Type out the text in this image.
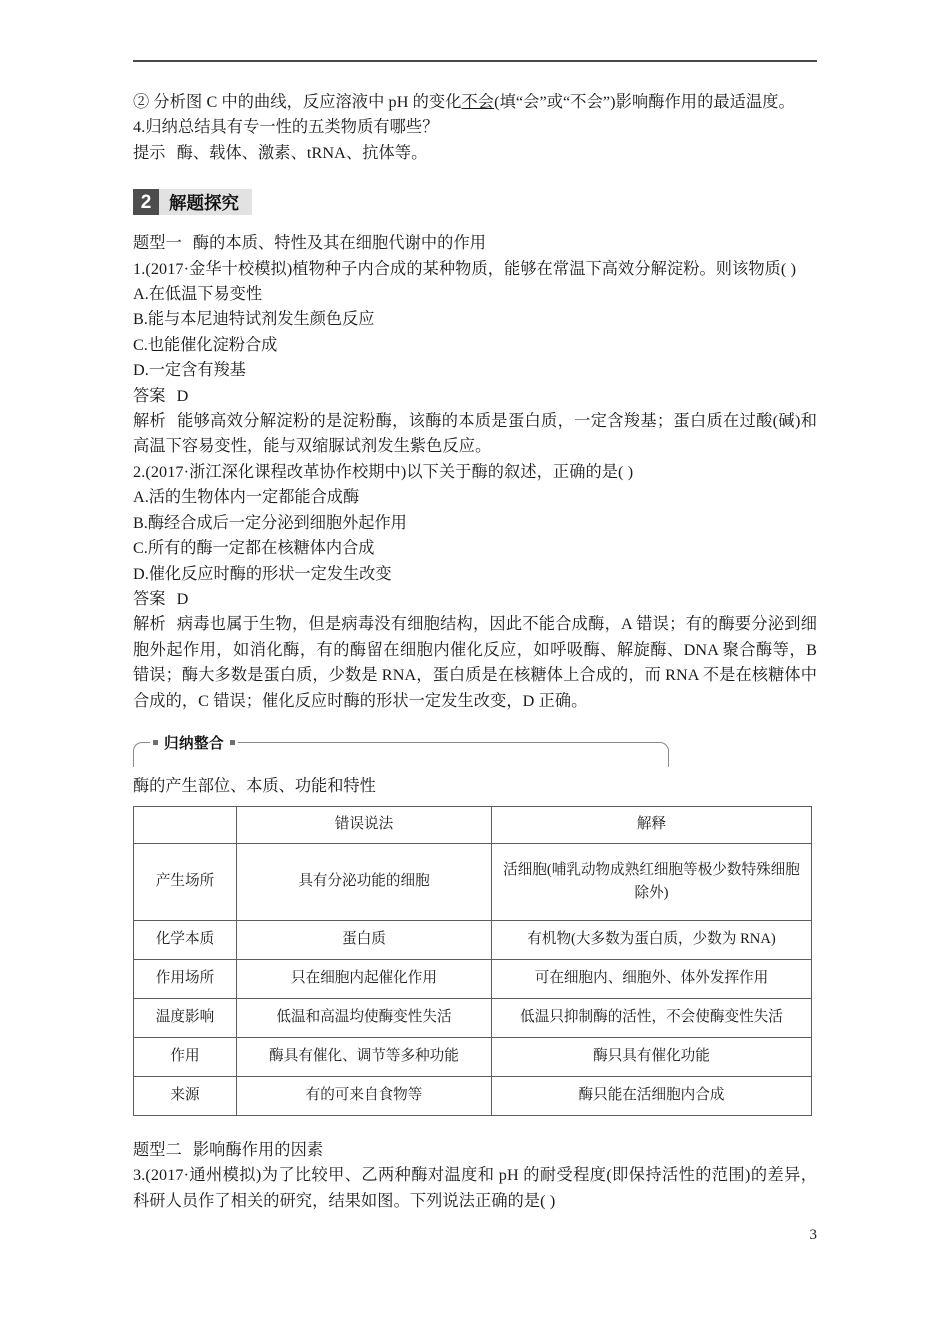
② 分析图 C 中的曲线，反应溶液中 pH 的变化不会(填“会”或“不会”)影响酶作用的最适温度。

4.归纳总结具有专一性的五类物质有哪些？

提示 酶、载体、激素、tRNA、抗体等。

2	解题探究

题型一 酶的本质、特性及其在细胞代谢中的作用

1.(2017·金华十校模拟)植物种子内合成的某种物质，能够在常温下高效分解淀粉。则该物质( )

A.在低温下易变性

B.能与本尼迪特试剂发生颜色反应

C.也能催化淀粉合成

D.一定含有羧基

答案 D

解析 能够高效分解淀粉的是淀粉酶，该酶的本质是蛋白质，一定含羧基；蛋白质在过酸(碱)和高温下容易变性，能与双缩脲试剂发生紫色反应。

2.(2017·浙江深化课程改革协作校期中)以下关于酶的叙述，正确的是( )

A.活的生物体内一定都能合成酶

B.酶经合成后一定分泌到细胞外起作用

C.所有的酶一定都在核糖体内合成

D.催化反应时酶的形状一定发生改变

答案 D

解析 病毒也属于生物，但是病毒没有细胞结构，因此不能合成酶，A 错误；有的酶要分泌到细胞外起作用，如消化酶，有的酶留在细胞内催化反应，如呼吸酶、解旋酶、DNA 聚合酶等，B 错误；酶大多数是蛋白质，少数是 RNA，蛋白质是在核糖体上合成的，而 RNA 不是在核糖体中合成的，C 错误；催化反应时酶的形状一定发生改变，D 正确。

归纳整合
酶的产生部位、本质、功能和特性
	错误说法	解释
产生场所	具有分泌功能的细胞	活细胞(哺乳动物成熟红细胞等极少数特殊细胞除外)
化学本质	蛋白质	有机物(大多数为蛋白质，少数为 RNA)
作用场所	只在细胞内起催化作用	可在细胞内、细胞外、体外发挥作用
温度影响	低温和高温均使酶变性失活	低温只抑制酶的活性，不会使酶变性失活
作用	酶具有催化、调节等多种功能	酶只具有催化功能
来源	有的可来自食物等	酶只能在活细胞内合成

题型二 影响酶作用的因素

3.(2017·通州模拟)为了比较甲、乙两种酶对温度和 pH 的耐受程度(即保持活性的范围)的差异，科研人员作了相关的研究，结果如图。下列说法正确的是( )

3
